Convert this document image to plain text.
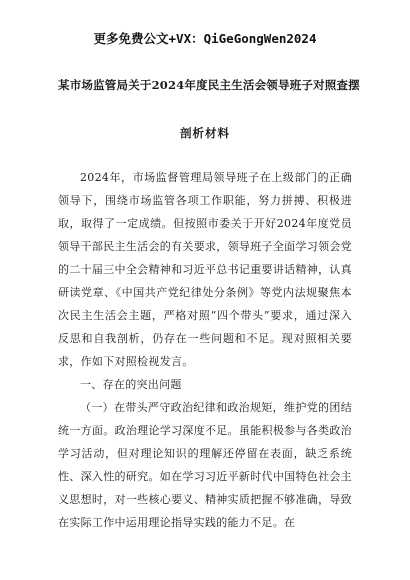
更多免费公文+VX：QiGeGongWen2024
某市场监管局关于2024年度民主生活会领导班子对照查摆
剖析材料

2024年，市场监督管理局领导班子在上级部门的正确领导下，围绕市场监管各项工作职能，努力拼搏、积极进取，取得了一定成绩。但按照市委关于开好2024年度党员领导干部民主生活会的有关要求，领导班子全面学习领会党的二十届三中全会精神和习近平总书记重要讲话精神，认真研读党章、《中国共产党纪律处分条例》等党内法规聚焦本次民主生活会主题，严格对照“四个带头”要求，通过深入反思和自我剖析，仍存在一些问题和不足。现对照相关要求，作如下对照检视发言。

一、存在的突出问题

（一）在带头严守政治纪律和政治规矩，维护党的团结统一方面。政治理论学习深度不足。虽能积极参与各类政治学习活动，但对理论知识的理解还停留在表面，缺乏系统性、深入性的研究。如在学习习近平新时代中国特色社会主义思想时，对一些核心要义、精神实质把握不够准确，导致在实际工作中运用理论指导实践的能力不足。在
